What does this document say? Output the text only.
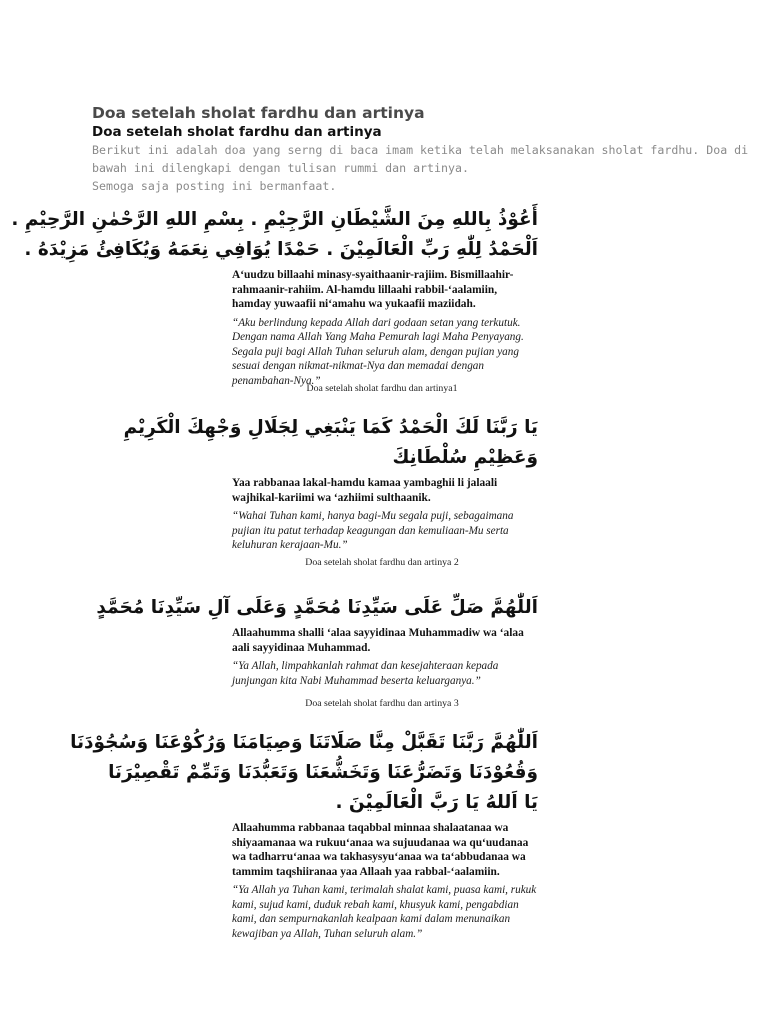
Doa setelah sholat fardhu dan artinya
Doa setelah sholat fardhu dan artinya

Berikut ini adalah doa yang serng di baca imam ketika telah melaksanakan sholat fardhu. Doa di
bawah ini dilengkapi dengan tulisan rummi dan artinya.
Semoga saja posting ini bermanfaat.

أَعُوْذُ بِاللهِ مِنَ الشَّيْطَانِ الرَّجِيْمِ . بِسْمِ اللهِ الرَّحْمٰنِ الرَّحِيْمِ .
اَلْحَمْدُ لِلّٰهِ رَبِّ الْعَالَمِيْنَ . حَمْدًا يُوَافِي نِعَمَهُ وَيُكَافِئُ مَزِيْدَهُ .
A‘uudzu billaahi minasy-syaithaanir-rajiim. Bismillaahir-rahmaanir-rahiim. Al-hamdu lillaahi rabbil-‘aalamiin, hamday yuwaafii ni‘amahu wa yukaafii maziidah.
“Aku berlindung kepada Allah dari godaan setan yang terkutuk. Dengan nama Allah Yang Maha Pemurah lagi Maha Penyayang. Segala puji bagi Allah Tuhan seluruh alam, dengan pujian yang sesuai dengan nikmat-nikmat-Nya dan memadai dengan penambahan-Nya.”
Doa setelah sholat fardhu dan artinya1
يَا رَبَّنَا لَكَ الْحَمْدُ كَمَا يَنْبَغِي لِجَلَالِ وَجْهِكَ الْكَرِيْمِ
وَعَظِيْمِ سُلْطَانِكَ
Yaa rabbanaa lakal-hamdu kamaa yambaghii li jalaali wajhikal-kariimi wa ‘azhiimi sulthaanik.
“Wahai Tuhan kami, hanya bagi-Mu segala puji, sebagaimana pujian itu patut terhadap keagungan dan kemuliaan-Mu serta keluhuran kerajaan-Mu.”
Doa setelah sholat fardhu dan artinya 2
اَللّٰهُمَّ صَلِّ عَلَى سَيِّدِنَا مُحَمَّدٍ وَعَلَى آلِ سَيِّدِنَا مُحَمَّدٍ
Allaahumma shalli ‘alaa sayyidinaa Muhammadiw wa ‘alaa aali sayyidinaa Muhammad.
“Ya Allah, limpahkanlah rahmat dan kesejahteraan kepada junjungan kita Nabi Muhammad beserta keluarganya.”
Doa setelah sholat fardhu dan artinya 3
اَللّٰهُمَّ رَبَّنَا تَقَبَّلْ مِنَّا صَلَاتَنَا وَصِيَامَنَا وَرُكُوْعَنَا وَسُجُوْدَنَا
وَقُعُوْدَنَا وَتَضَرُّعَنَا وَتَخَشُّعَنَا وَتَعَبُّدَنَا وَتَمِّمْ تَقْصِيْرَنَا
يَا اَللهُ يَا رَبَّ الْعَالَمِيْنَ .
Allaahumma rabbanaa taqabbal minnaa shalaatanaa wa shiyaamanaa wa rukuu‘anaa wa sujuudanaa wa qu‘uudanaa wa tadharru‘anaa wa takhasysyu‘anaa wa ta‘abbudanaa wa tammim taqshiiranaa yaa Allaah yaa rabbal-‘aalamiin.
“Ya Allah ya Tuhan kami, terimalah shalat kami, puasa kami, rukuk kami, sujud kami, duduk rebah kami, khusyuk kami, pengabdian kami, dan sempurnakanlah kealpaan kami dalam menunaikan kewajiban ya Allah, Tuhan seluruh alam.”
